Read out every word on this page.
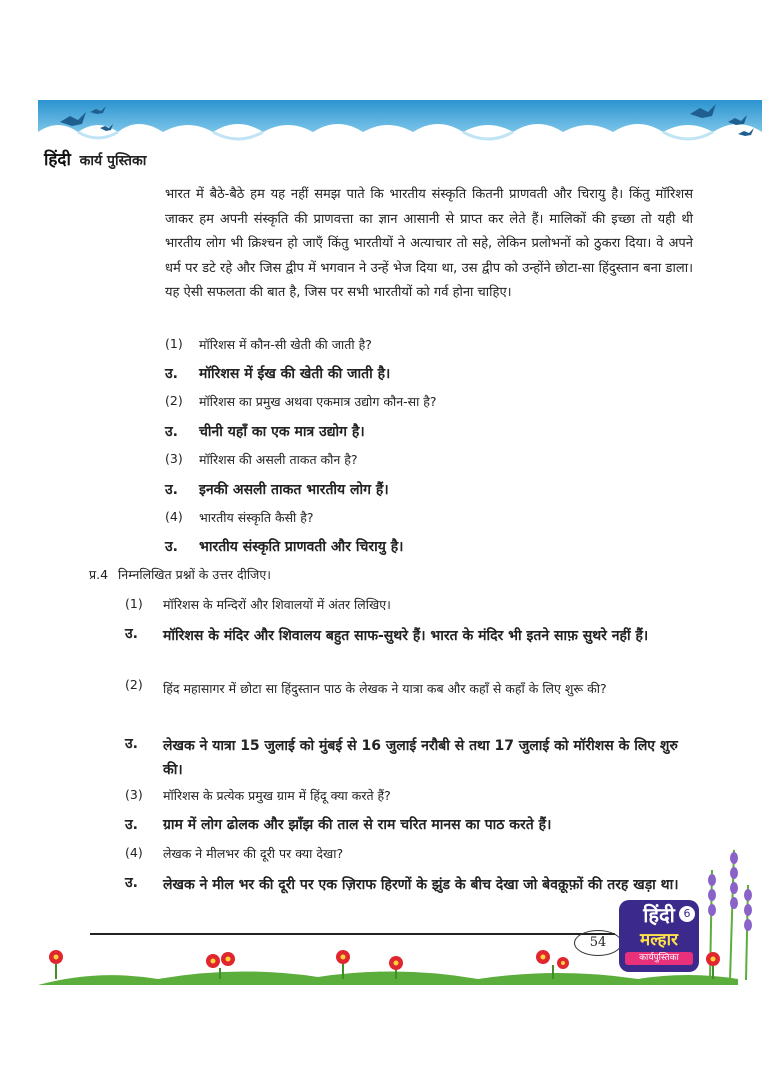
हिंदी कार्य पुस्तिका
भारत में बैठे-बैठे हम यह नहीं समझ पाते कि भारतीय संस्कृति कितनी प्राणवती और चिरायु है। किंतु मॉरिशस जाकर हम अपनी संस्कृति की प्राणवत्ता का ज्ञान आसानी से प्राप्त कर लेते हैं। मालिकों की इच्छा तो यही थी भारतीय लोग भी क्रिश्चन हो जाएँ किंतु भारतीयों ने अत्याचार तो सहे, लेकिन प्रलोभनों को ठुकरा दिया। वे अपने धर्म पर डटे रहे और जिस द्वीप में भगवान ने उन्हें भेज दिया था, उस द्वीप को उन्होंने छोटा-सा हिंदुस्तान बना डाला। यह ऐसी सफलता की बात है, जिस पर सभी भारतीयों को गर्व होना चाहिए।
(1) मॉरिशस में कौन-सी खेती की जाती है?
उ. मॉरिशस में ईख की खेती की जाती है।
(2) मॉरिशस का प्रमुख अथवा एकमात्र उद्योग कौन-सा है?
उ. चीनी यहाँ का एक मात्र उद्योग है।
(3) मॉरिशस की असली ताकत कौन है?
उ. इनकी असली ताकत भारतीय लोग हैं।
(4) भारतीय संस्कृति कैसी है?
उ. भारतीय संस्कृति प्राणवती और चिरायु है।
प्र.4 निम्नलिखित प्रश्नों के उत्तर दीजिए।
(1) मॉरिशस के मन्दिरों और शिवालयों में अंतर लिखिए।
उ. मॉरिशस के मंदिर और शिवालय बहुत साफ-सुथरे हैं। भारत के मंदिर भी इतने साफ़ सुथरे नहीं हैं।
(2) हिंद महासागर में छोटा सा हिंदुस्तान पाठ के लेखक ने यात्रा कब और कहाँ से कहाँ के लिए शुरू की?
उ. लेखक ने यात्रा 15 जुलाई को मुंबई से 16 जुलाई नरौबी से तथा 17 जुलाई को मॉरीशस के लिए शुरु की।
(3) मॉरिशस के प्रत्येक प्रमुख ग्राम में हिंदू क्या करते हैं?
उ. ग्राम में लोग ढोलक और झाँझ की ताल से राम चरित मानस का पाठ करते हैं।
(4) लेखक ने मीलभर की दूरी पर क्या देखा?
उ. लेखक ने मील भर की दूरी पर एक ज़िराफ हिरणों के झुंड के बीच देखा जो बेवक़ूफ़ों की तरह खड़ा था।
54
हिंदी 6
मल्हार
कार्यपुस्तिका
